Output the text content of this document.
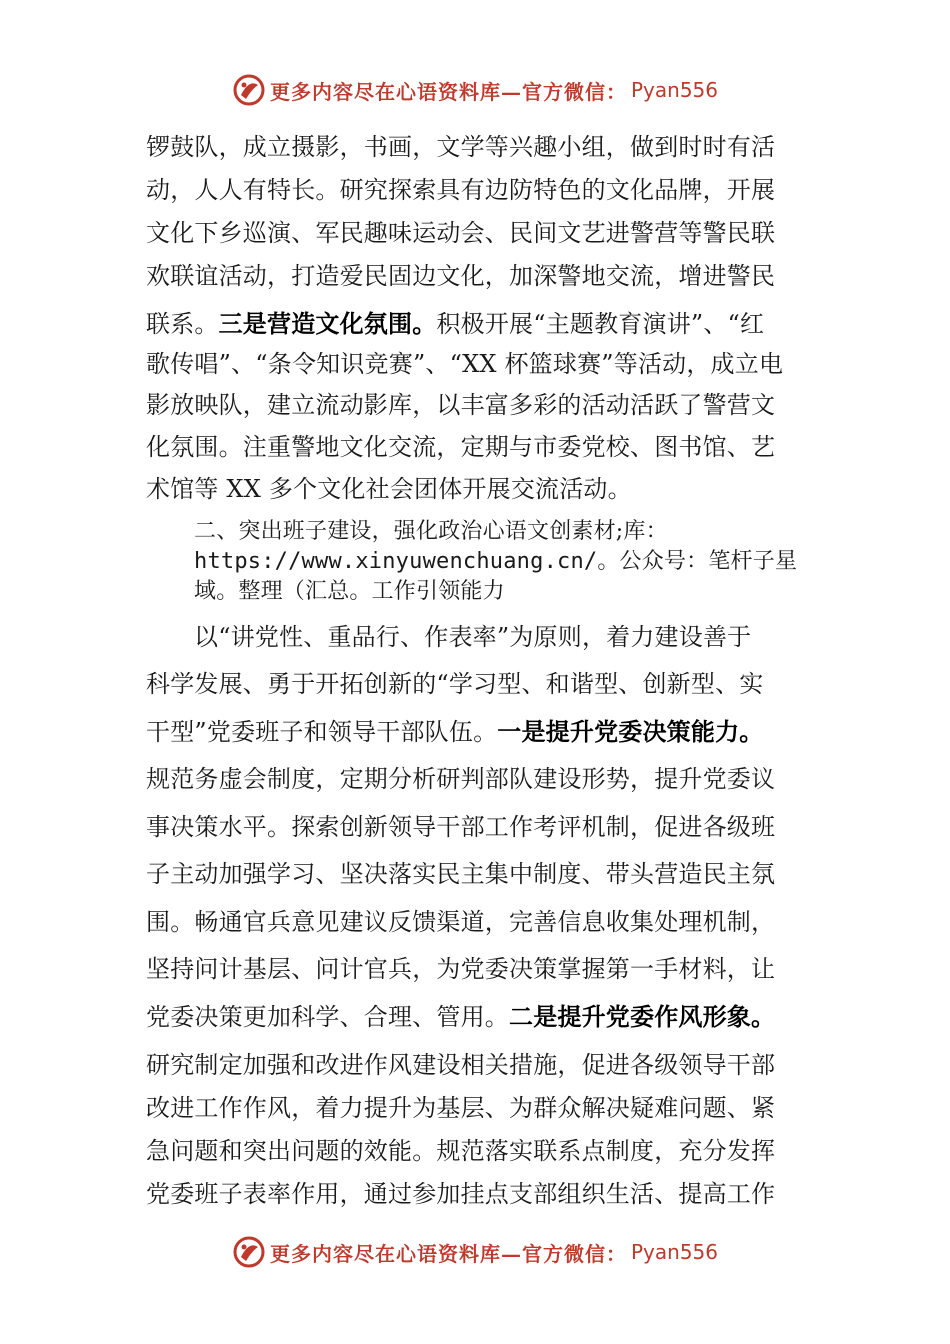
更多内容尽在心语资料库—官方微信： Pyan556
锣鼓队，成立摄影，书画，文学等兴趣小组，做到时时有活
动，人人有特长。研究探索具有边防特色的文化品牌，开展
文化下乡巡演、军民趣味运动会、民间文艺进警营等警民联
欢联谊活动，打造爱民固边文化，加深警地交流，增进警民
联系。三是营造文化氛围。积极开展“主题教育演讲”、“红
歌传唱”、“条令知识竞赛”、“XX 杯篮球赛”等活动，成立电
影放映队，建立流动影库，以丰富多彩的活动活跃了警营文
化氛围。注重警地文化交流，定期与市委党校、图书馆、艺
术馆等 XX 多个文化社会团体开展交流活动。
二、突出班子建设，强化政治心语文创素材;库：
https://www.xinyuwenchuang.cn/。公众号：笔杆子星
域。整理（汇总。工作引领能力
以“讲党性、重品行、作表率”为原则，着力建设善于
科学发展、勇于开拓创新的“学习型、和谐型、创新型、实
干型”党委班子和领导干部队伍。一是提升党委决策能力。
规范务虚会制度，定期分析研判部队建设形势，提升党委议
事决策水平。探索创新领导干部工作考评机制，促进各级班
子主动加强学习、坚决落实民主集中制度、带头营造民主氛
围。畅通官兵意见建议反馈渠道，完善信息收集处理机制，
坚持问计基层、问计官兵，为党委决策掌握第一手材料，让
党委决策更加科学、合理、管用。二是提升党委作风形象。
研究制定加强和改进作风建设相关措施，促进各级领导干部
改进工作作风，着力提升为基层、为群众解决疑难问题、紧
急问题和突出问题的效能。规范落实联系点制度，充分发挥
党委班子表率作用，通过参加挂点支部组织生活、提高工作
更多内容尽在心语资料库—官方微信： Pyan556
